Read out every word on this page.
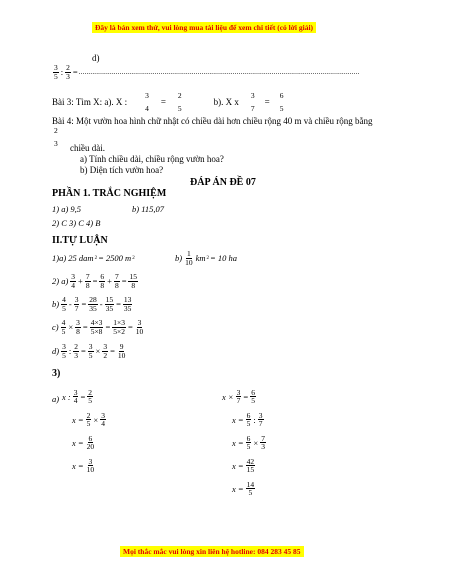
Đây là bản xem thử, vui lòng mua tài liệu để xem chi tiết (có lời giải)
d)
$\frac{3}{5}$ : $\frac{2}{3}$ = ................................................................................................................................................
Bài 3: Tìm X: a). X :
3
4
=
2
5
b). X x
3
7
=
6
5
Bài 4: Một vườn hoa hình chữ nhật có chiều dài hơn chiều rộng 40 m và chiều rộng bằng
2
3 chiều dài.
a) Tính chiều dài, chiều rộng vườn hoa?
b) Diện tích vườn hoa?
ĐÁP ÁN ĐỀ 07
PHẦN 1. TRẮC NGHIỆM
1) a) 9,5	b) 115,07
2) C 3) C 4) B
II.TỰ LUẬN
1)a) 25 dam 2 = 2500 m 2	$b) \frac{1}{10}$ km 2 = 10 ha
2) $a) \frac{3}{4} + \frac{7}{8} = \frac{6}{8} + \frac{7}{8} = \frac{15}{8}$
$b) \frac{4}{5} - \frac{3}{7} = \frac{28}{35} - \frac{15}{35} = \frac{13}{35}$
$c) \frac{4}{5} \times \frac{3}{8} = \frac{4\times 3}{5\times 8} = \frac{1\times 3}{5\times 2} = \frac{3}{10}$
$d) \frac{3}{5}$ : $\frac{2}{3} = \frac{3}{5} \times \frac{3}{2} = \frac{9}{10}$
3)
a) x : $\frac{3}{4} = \frac{2}{5}$
$x = \frac{2}{5} \times \frac{3}{4}$
$x = \frac{6}{20}$
$x = \frac{3}{10}$
$x \times \frac{3}{7} = \frac{6}{5}$
$x = \frac{6}{5}$ : $\frac{3}{7}$
$x = \frac{6}{5} \times \frac{7}{3}$
$x = \frac{42}{15}$
$x = \frac{14}{5}$
Mọi thắc mắc vui lòng xin liên hệ hotline: 084 283 45 85
